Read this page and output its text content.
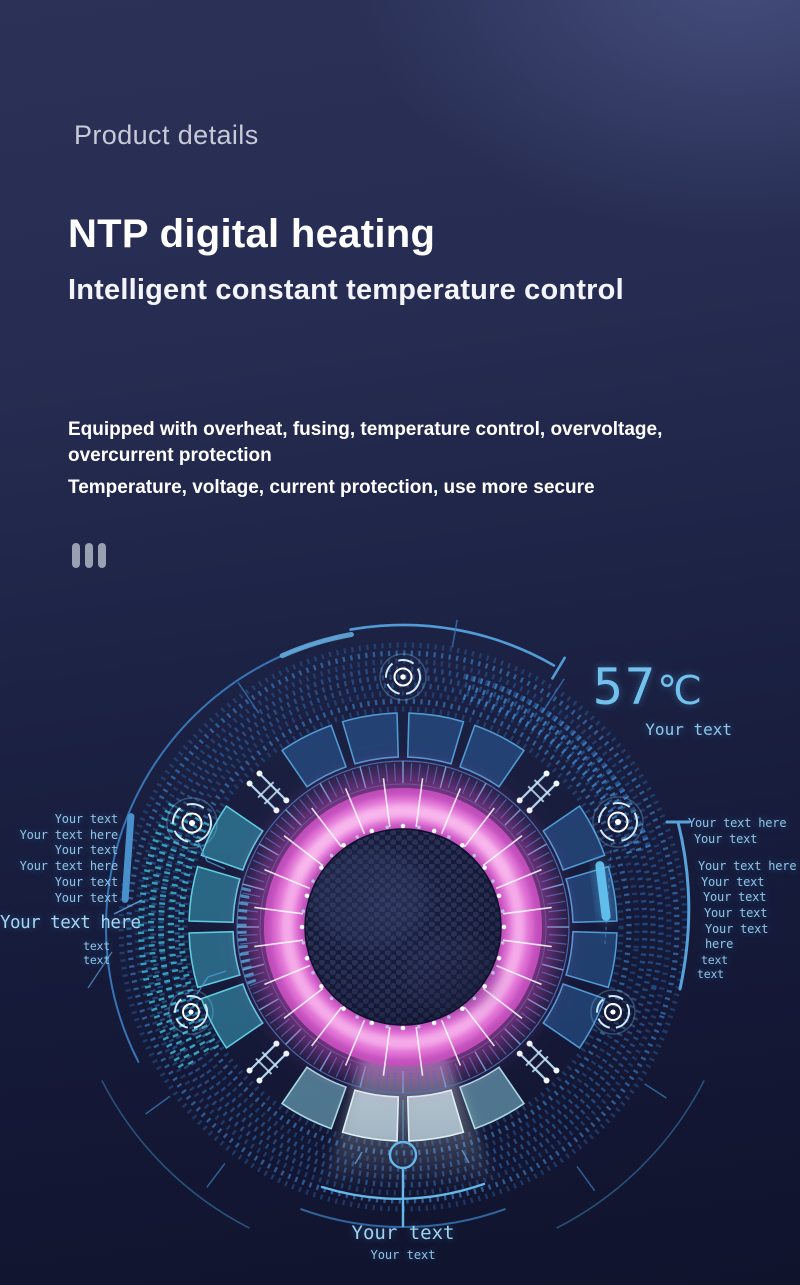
Product details
NTP digital heating
Intelligent constant temperature control

Equipped with overheat, fusing, temperature control, overvoltage, overcurrent protection

Temperature, voltage, current protection, use more secure

57℃
Your text
Your text
Your text here
Your text
Your text here
Your text
Your text
Your text here
text
text
Your text here
Your text
Your text here
Your text
Your text
Your text
Your text here
text
text
Your text
Your text
